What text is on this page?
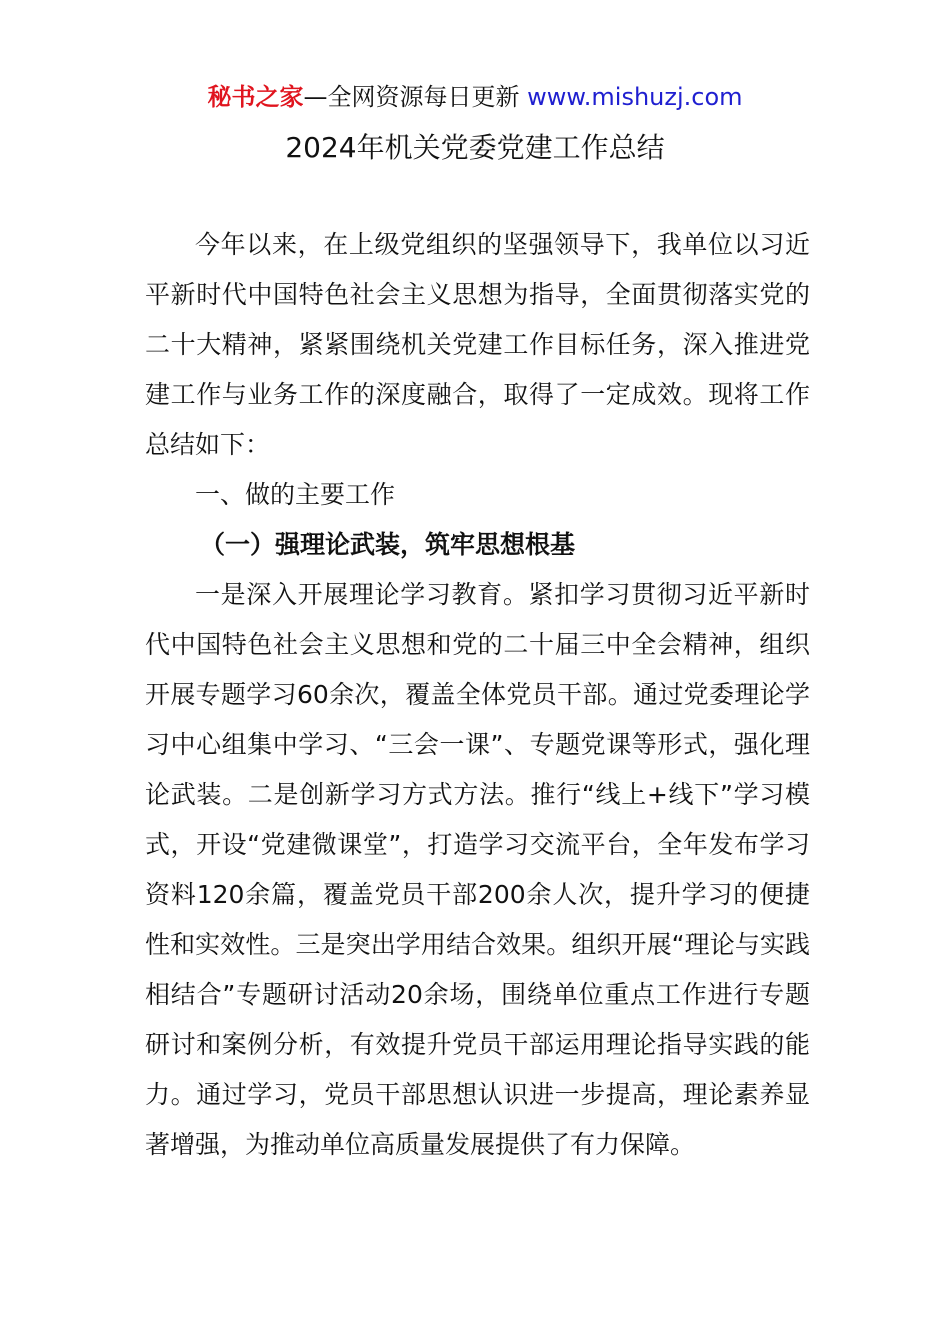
秘书之家—全网资源每日更新 www.mishuzj.com
2024年机关党委党建工作总结

今年以来，在上级党组织的坚强领导下，我单位以习近平新时代中国特色社会主义思想为指导，全面贯彻落实党的二十大精神，紧紧围绕机关党建工作目标任务，深入推进党建工作与业务工作的深度融合，取得了一定成效。现将工作总结如下：

一、做的主要工作

（一）强理论武装，筑牢思想根基

一是深入开展理论学习教育。紧扣学习贯彻习近平新时代中国特色社会主义思想和党的二十届三中全会精神，组织开展专题学习60余次，覆盖全体党员干部。通过党委理论学习中心组集中学习、“三会一课”、专题党课等形式，强化理论武装。二是创新学习方式方法。推行“线上+线下”学习模式，开设“党建微课堂”，打造学习交流平台，全年发布学习资料120余篇，覆盖党员干部200余人次，提升学习的便捷性和实效性。三是突出学用结合效果。组织开展“理论与实践相结合”专题研讨活动20余场，围绕单位重点工作进行专题研讨和案例分析，有效提升党员干部运用理论指导实践的能力。通过学习，党员干部思想认识进一步提高，理论素养显著增强，为推动单位高质量发展提供了有力保障。
